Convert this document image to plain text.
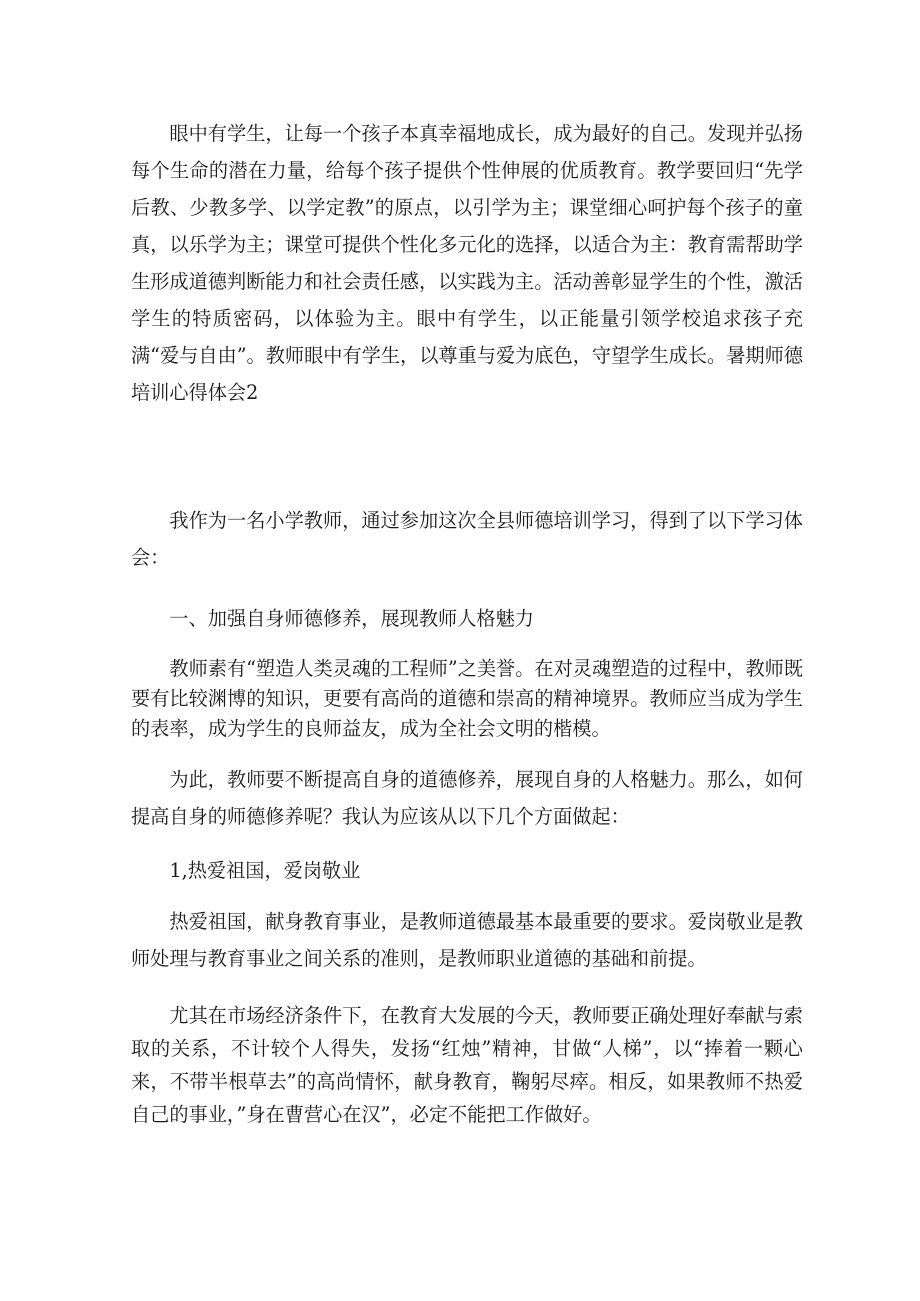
眼中有学生，让每一个孩子本真幸福地成长，成为最好的自己。发现并弘扬每个生命的潜在力量，给每个孩子提供个性伸展的优质教育。教学要回归“先学后教、少教多学、以学定教”的原点，以引学为主；课堂细心呵护每个孩子的童真，以乐学为主；课堂可提供个性化多元化的选择，以适合为主：教育需帮助学生形成道德判断能力和社会责任感，以实践为主。活动善彰显学生的个性，激活学生的特质密码，以体验为主。眼中有学生，以正能量引领学校追求孩子充满“爱与自由”。教师眼中有学生，以尊重与爱为底色，守望学生成长。暑期师德培训心得体会2

我作为一名小学教师，通过参加这次全县师德培训学习，得到了以下学习体会：

一、加强自身师德修养，展现教师人格魅力

教师素有“塑造人类灵魂的工程师”之美誉。在对灵魂塑造的过程中，教师既要有比较渊博的知识，更要有高尚的道德和崇高的精神境界。教师应当成为学生的表率，成为学生的良师益友，成为全社会文明的楷模。

为此，教师要不断提高自身的道德修养，展现自身的人格魅力。那么，如何提高自身的师德修养呢？我认为应该从以下几个方面做起：

1,热爱祖国，爱岗敬业

热爱祖国，献身教育事业，是教师道德最基本最重要的要求。爱岗敬业是教师处理与教育事业之间关系的准则，是教师职业道德的基础和前提。

尤其在市场经济条件下，在教育大发展的今天，教师要正确处理好奉献与索取的关系，不计较个人得失，发扬“红烛”精神，甘做“人梯”，以“捧着一颗心来，不带半根草去”的高尚情怀，献身教育，鞠躬尽瘁。相反，如果教师不热爱自己的事业，”身在曹营心在汉”，必定不能把工作做好。
